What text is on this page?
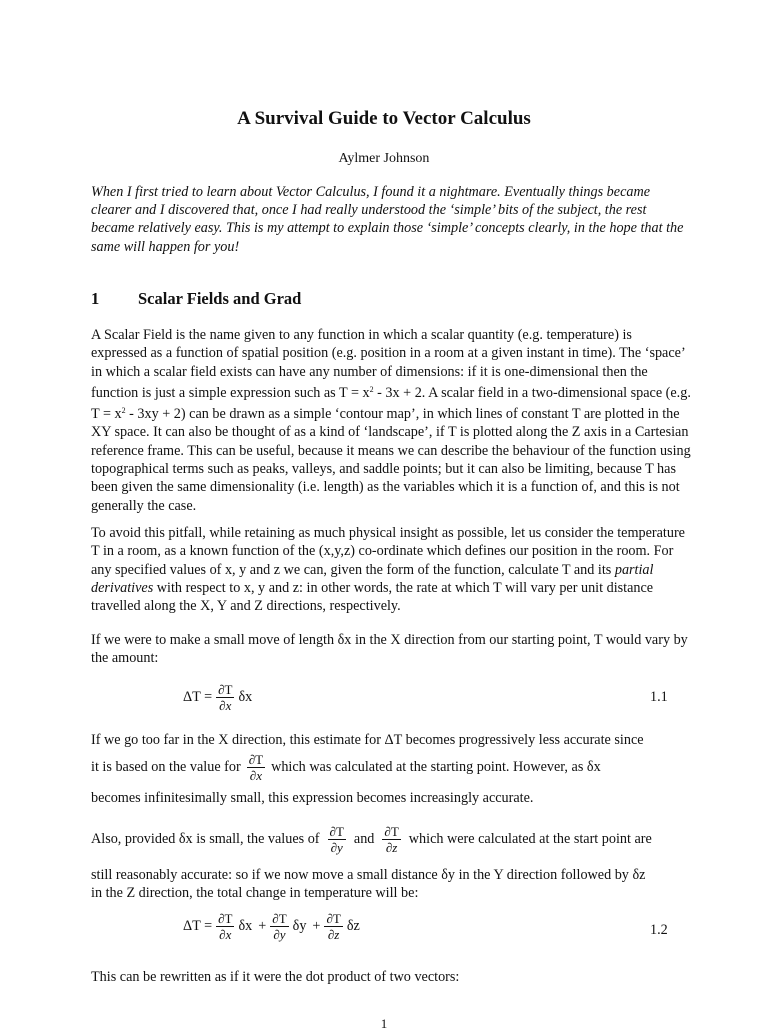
A Survival Guide to Vector Calculus
Aylmer Johnson
When I first tried to learn about Vector Calculus, I found it a nightmare. Eventually things became clearer and I discovered that, once I had really understood the ‘simple’ bits of the subject, the rest became relatively easy. This is my attempt to explain those ‘simple’ concepts clearly, in the hope that the same will happen for you!
1 Scalar Fields and Grad

A Scalar Field is the name given to any function in which a scalar quantity (e.g. temperature) is expressed as a function of spatial position (e.g. position in a room at a given instant in time). The ‘space’ in which a scalar field exists can have any number of dimensions: if it is one-dimensional then the function is just a simple expression such as $T = x^2 - 3x + 2$. A scalar field in a two-dimensional space (e.g. $T = x^2 - 3xy + 2$) can be drawn as a simple ‘contour map’, in which lines of constant T are plotted in the XY space. It can also be thought of as a kind of ‘landscape’, if T is plotted along the Z axis in a Cartesian reference frame. This can be useful, because it means we can describe the behaviour of the function using topographical terms such as peaks, valleys, and saddle points; but it can also be limiting, because T has been given the same dimensionality (i.e. length) as the variables which it is a function of, and this is not generally the case.

To avoid this pitfall, while retaining as much physical insight as possible, let us consider the temperature T in a room, as a known function of the (x,y,z) co-ordinate which defines our position in the room. For any specified values of x, y and z we can, given the form of the function, calculate T and its partial derivatives with respect to x, y and z: in other words, the rate at which T will vary per unit distance travelled along the X, Y and Z directions, respectively.

If we were to make a small move of length δx in the X direction from our starting point, T would vary by the amount:

$\Delta T = \frac{\partial T}{\partial x}$ δx	1.1
If we go too far in the X direction, this estimate for ΔT becomes progressively less accurate since
it is based on the value for $\frac{\partial T}{\partial x}$ which was calculated at the starting point. However, as δx
becomes infinitesimally small, this expression becomes increasingly accurate.
Also, provided δx is small, the values of $\frac{\partial T}{\partial y}$ and $\frac{\partial T}{\partial z}$ which were calculated at the start point are
still reasonably accurate: so if we now move a small distance δy in the Y direction followed by δz
in the Z direction, the total change in temperature will be:
$\Delta T = \frac{\partial T}{\partial x}$ $\delta x + \frac{\partial T}{\partial y}$ $\delta y + \frac{\partial T}{\partial z}$ δz	1.2
This can be rewritten as if it were the dot product of two vectors:
1
